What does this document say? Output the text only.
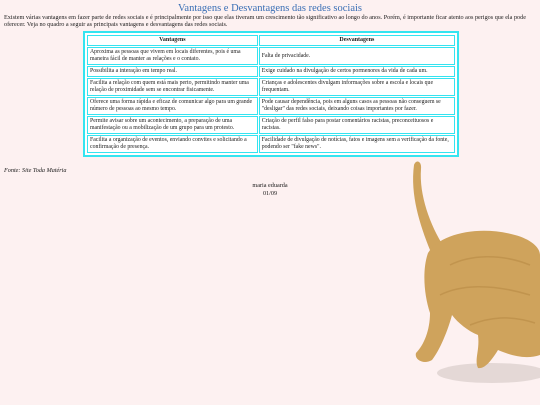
Vantagens e Desvantagens das redes sociais

Existem várias vantagens em fazer parte de redes sociais e é principalmente por isso que elas tiveram um crescimento tão significativo ao longo do anos. Porém, é importante ficar atento aos perigos que ela pode oferecer. Veja no quadro a seguir as principais vantagens e desvantagens das redes sociais.

Vantagens	Desvantagens
Aproxima as pessoas que vivem em locais diferentes, pois é uma maneira fácil de manter as relações e o contato.	Falta de privacidade.
Possibilita a interação em tempo real.	Exige cuidado na divulgação de certos pormenores da vida de cada um.
Facilita a relação com quem está mais perto, permitindo manter uma relação de proximidade sem se encontrar fisicamente.	Crianças e adolescentes divulgam informações sobre a escola e locais que frequentam.
Oferece uma forma rápida e eficaz de comunicar algo para um grande número de pessoas ao mesmo tempo.	Pode causar dependência, pois em alguns casos as pessoas não conseguem se "desligar" das redes sociais, deixando coisas importantes por fazer.
Permite avisar sobre um acontecimento, a preparação de uma manifestação ou a mobilização de um grupo para um protesto.	Criação de perfil falso para postar comentários racistas, preconceituosos e racistas.
Facilita a organização de eventos, enviando convites e solicitando a confirmação de presença.	Facilidade de divulgação de notícias, fatos e imagens sem a verificação da fonte, podendo ser "fake news".
Fonte: Site Toda Matéria
maria eduarda
01/09
